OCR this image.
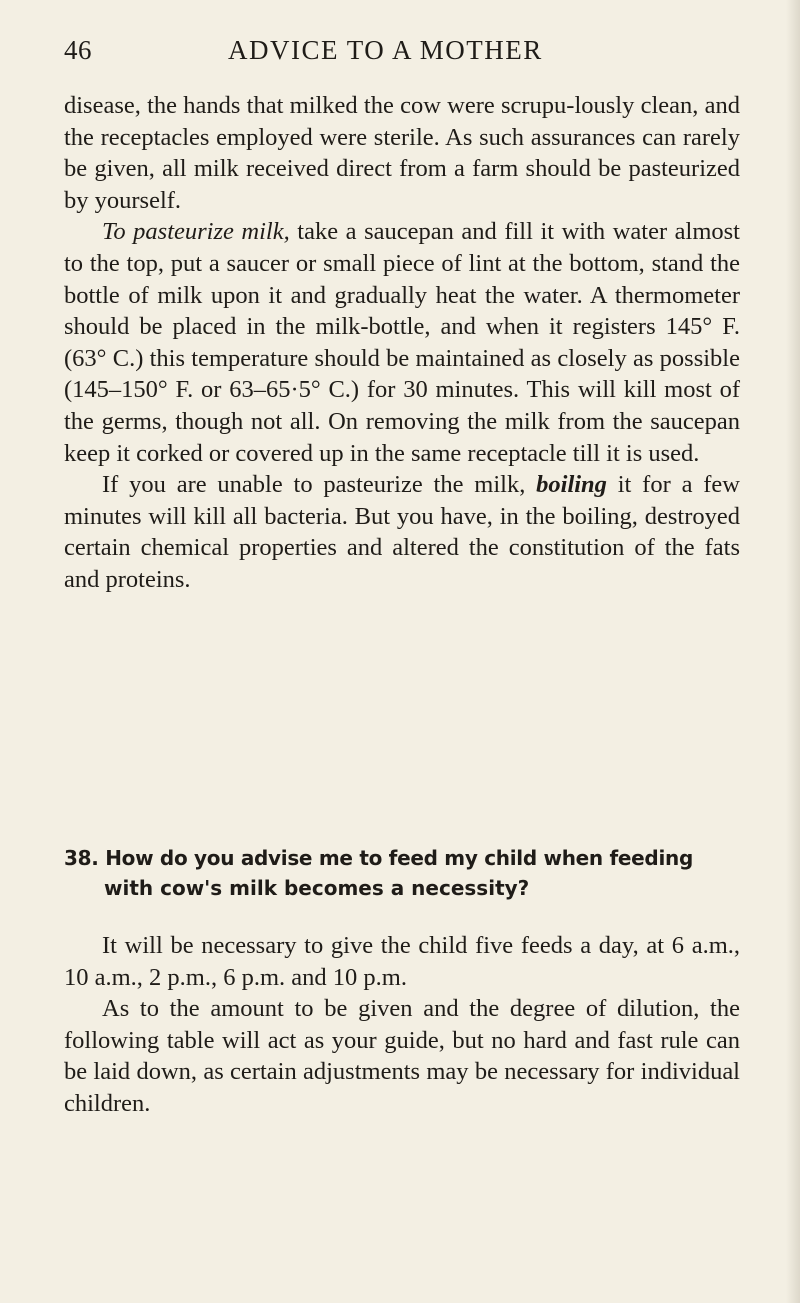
46	ADVICE TO A MOTHER

disease, the hands that milked the cow were scrupu-lously clean, and the receptacles employed were sterile. As such assurances can rarely be given, all milk received direct from a farm should be pasteurized by yourself.

To pasteurize milk, take a saucepan and fill it with water almost to the top, put a saucer or small piece of lint at the bottom, stand the bottle of milk upon it and gradually heat the water. A thermometer should be placed in the milk-bottle, and when it registers 145° F. (63° C.) this temperature should be maintained as closely as possible (145–150° F. or 63–65·5° C.) for 30 minutes. This will kill most of the germs, though not all. On removing the milk from the saucepan keep it corked or covered up in the same receptacle till it is used.

If you are unable to pasteurize the milk, boiling it for a few minutes will kill all bacteria. But you have, in the boiling, destroyed certain chemical properties and altered the constitution of the fats and proteins.

38. How do you advise me to feed my child when feeding
with cow's milk becomes a necessity?

It will be necessary to give the child five feeds a day, at 6 a.m., 10 a.m., 2 p.m., 6 p.m. and 10 p.m.

As to the amount to be given and the degree of dilution, the following table will act as your guide, but no hard and fast rule can be laid down, as certain adjustments may be necessary for individual children.
